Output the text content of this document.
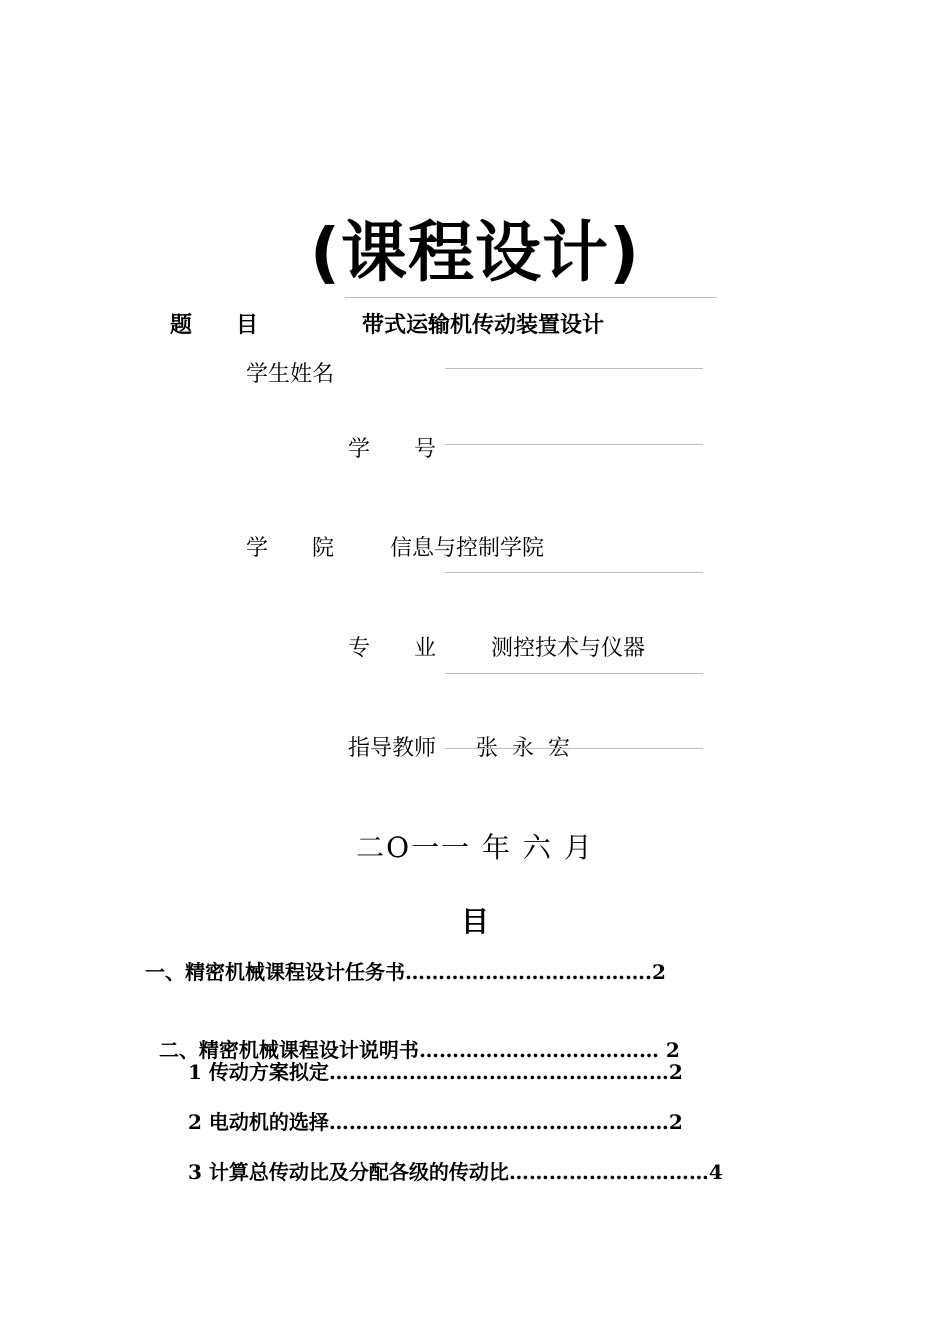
(课程设计)
题　　目	带式运输机传动装置设计
学生姓名
学　　号
学　　院	信息与控制学院
专　　业 测控技术与仪器
指导教师 张  永  宏
二O一一 年 六 月
目
一、精密机械课程设计任务书……………………………….2

二、精密机械课程设计说明书……………………………… 2

1 传动方案拟定……………………………………………2
2 电动机的选择……………………………………………2
3 计算总传动比及分配各级的传动比…………………………4
